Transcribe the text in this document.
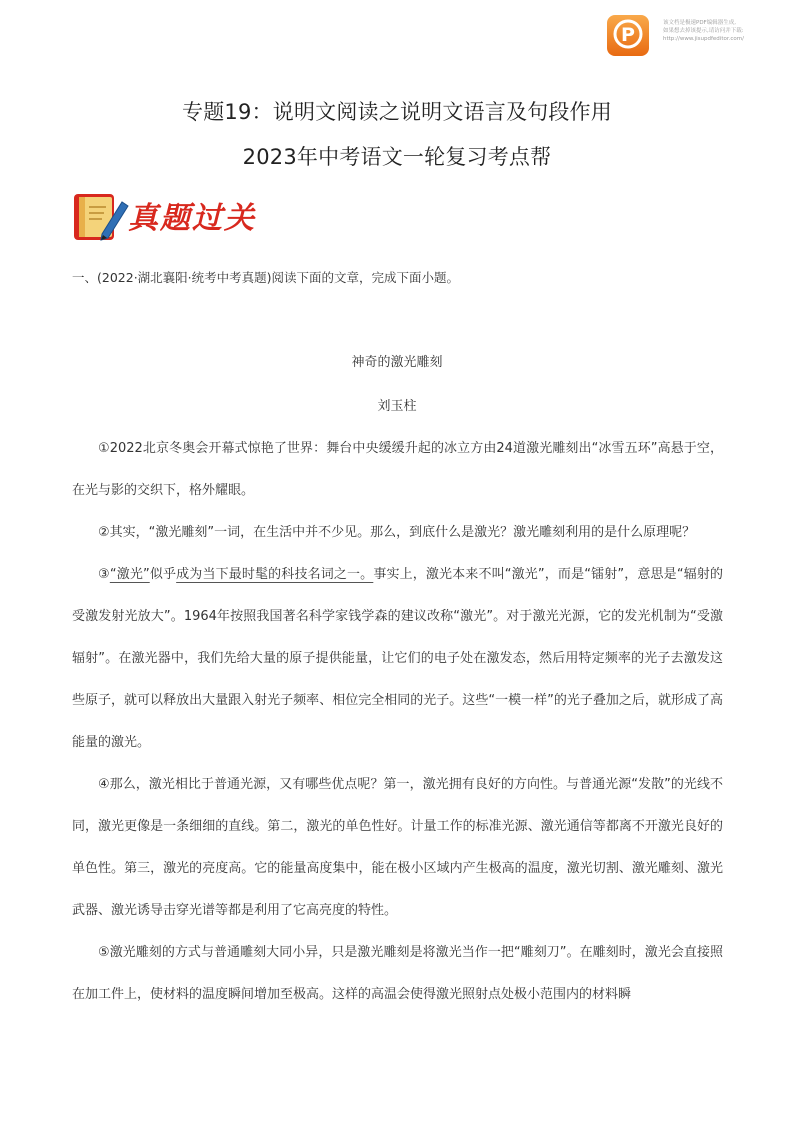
P
该文档是极速PDF编辑器生成,
如果想去掉该提示,请访问并下载:
http://www.jisupdfeditor.com/
专题19：说明文阅读之说明文语言及句段作用
2023年中考语文一轮复习考点帮
真题过关
一、(2022·湖北襄阳·统考中考真题)阅读下面的文章，完成下面小题。
神奇的激光雕刻
刘玉柱

①2022北京冬奥会开幕式惊艳了世界：舞台中央缓缓升起的冰立方由24道激光雕刻出“冰雪五环”高悬于空，在光与影的交织下，格外耀眼。

②其实，“激光雕刻”一词，在生活中并不少见。那么，到底什么是激光？激光雕刻利用的是什么原理呢？

③“激光”似乎成为当下最时髦的科技名词之一。事实上，激光本来不叫“激光”，而是“镭射”，意思是“辐射的受激发射光放大”。1964年按照我国著名科学家钱学森的建议改称“激光”。对于激光光源，它的发光机制为“受激辐射”。在激光器中，我们先给大量的原子提供能量，让它们的电子处在激发态，然后用特定频率的光子去激发这些原子，就可以释放出大量跟入射光子频率、相位完全相同的光子。这些“一模一样”的光子叠加之后，就形成了高能量的激光。

④那么，激光相比于普通光源，又有哪些优点呢？第一，激光拥有良好的方向性。与普通光源“发散”的光线不同，激光更像是一条细细的直线。第二，激光的单色性好。计量工作的标准光源、激光通信等都离不开激光良好的单色性。第三，激光的亮度高。它的能量高度集中，能在极小区域内产生极高的温度，激光切割、激光雕刻、激光武器、激光诱导击穿光谱等都是利用了它高亮度的特性。

⑤激光雕刻的方式与普通雕刻大同小异，只是激光雕刻是将激光当作一把“雕刻刀”。在雕刻时，激光会直接照在加工件上，使材料的温度瞬间增加至极高。这样的高温会使得激光照射点处极小范围内的材料瞬
